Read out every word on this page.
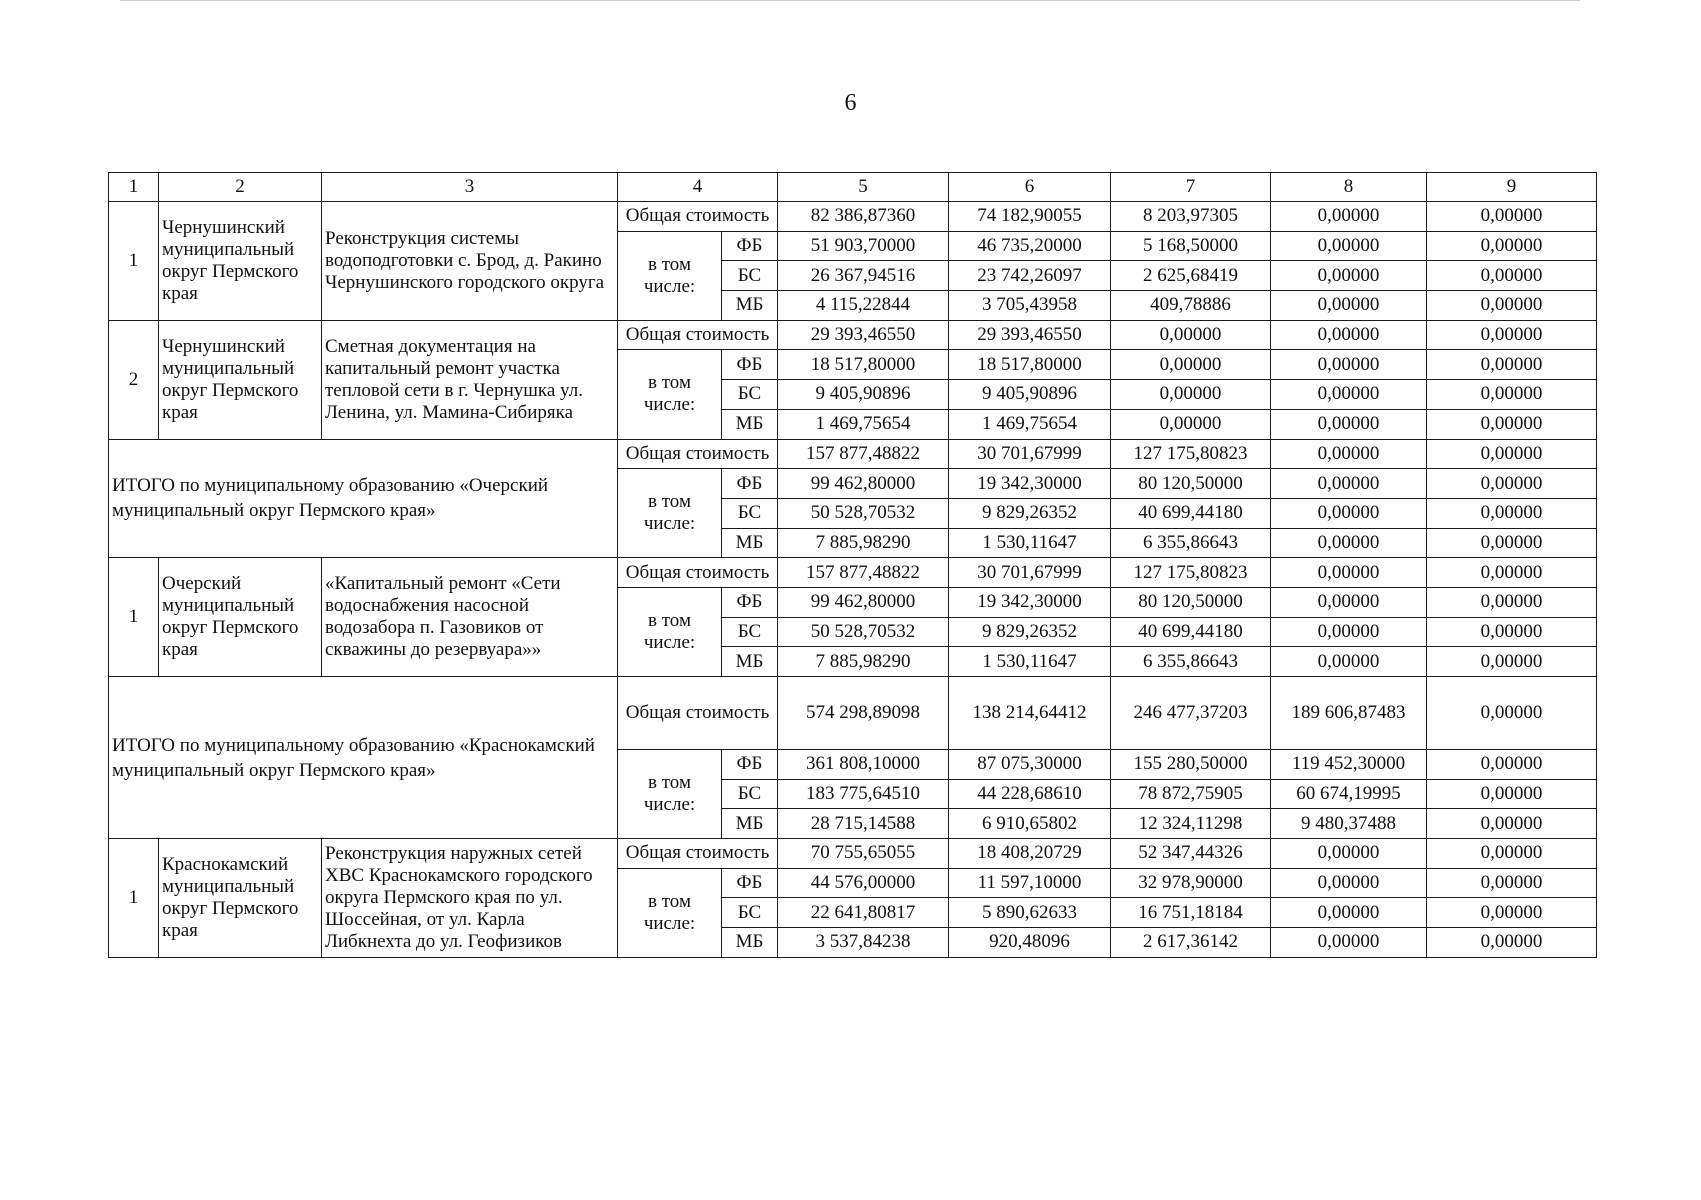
6
1	2	3	4		5	6	7	8	9
1	Чернушинский муниципальный округ Пермского края	Реконструкция системы водоподготовки с. Брод, д. Ракино Чернушинского городского округа	Общая стоимость		82 386,87360	74 182,90055	8 203,97305	0,00000	0,00000
			в том числе:	ФБ	51 903,70000	46 735,20000	5 168,50000	0,00000	0,00000
				БС	26 367,94516	23 742,26097	2 625,68419	0,00000	0,00000
				МБ	4 115,22844	3 705,43958	409,78886	0,00000	0,00000
2	Чернушинский муниципальный округ Пермского края	Сметная документация на капитальный ремонт участка тепловой сети в г. Чернушка ул. Ленина, ул. Мамина-Сибиряка	Общая стоимость		29 393,46550	29 393,46550	0,00000	0,00000	0,00000
			в том числе:	ФБ	18 517,80000	18 517,80000	0,00000	0,00000	0,00000
				БС	9 405,90896	9 405,90896	0,00000	0,00000	0,00000
				МБ	1 469,75654	1 469,75654	0,00000	0,00000	0,00000
ИТОГО по муниципальному образованию «Очерский муниципальный округ Пермского края»			Общая стоимость		157 877,48822	30 701,67999	127 175,80823	0,00000	0,00000
			в том числе:	ФБ	99 462,80000	19 342,30000	80 120,50000	0,00000	0,00000
				БС	50 528,70532	9 829,26352	40 699,44180	0,00000	0,00000
				МБ	7 885,98290	1 530,11647	6 355,86643	0,00000	0,00000
1	Очерский муниципальный округ Пермского края	«Капитальный ремонт «Сети водоснабжения насосной водозабора п. Газовиков от скважины до резервуара»»	Общая стоимость		157 877,48822	30 701,67999	127 175,80823	0,00000	0,00000
			в том числе:	ФБ	99 462,80000	19 342,30000	80 120,50000	0,00000	0,00000
				БС	50 528,70532	9 829,26352	40 699,44180	0,00000	0,00000
				МБ	7 885,98290	1 530,11647	6 355,86643	0,00000	0,00000
ИТОГО по муниципальному образованию «Краснокамский муниципальный округ Пермского края»			Общая стоимость		574 298,89098	138 214,64412	246 477,37203	189 606,87483	0,00000
			в том числе:	ФБ	361 808,10000	87 075,30000	155 280,50000	119 452,30000	0,00000
				БС	183 775,64510	44 228,68610	78 872,75905	60 674,19995	0,00000
				МБ	28 715,14588	6 910,65802	12 324,11298	9 480,37488	0,00000
1	Краснокамский муниципальный округ Пермского края	Реконструкция наружных сетей ХВС Краснокамского городского округа Пермского края по ул. Шоссейная, от ул. Карла Либкнехта до ул. Геофизиков	Общая стоимость		70 755,65055	18 408,20729	52 347,44326	0,00000	0,00000
			в том числе:	ФБ	44 576,00000	11 597,10000	32 978,90000	0,00000	0,00000
				БС	22 641,80817	5 890,62633	16 751,18184	0,00000	0,00000
				МБ	3 537,84238	920,48096	2 617,36142	0,00000	0,00000
